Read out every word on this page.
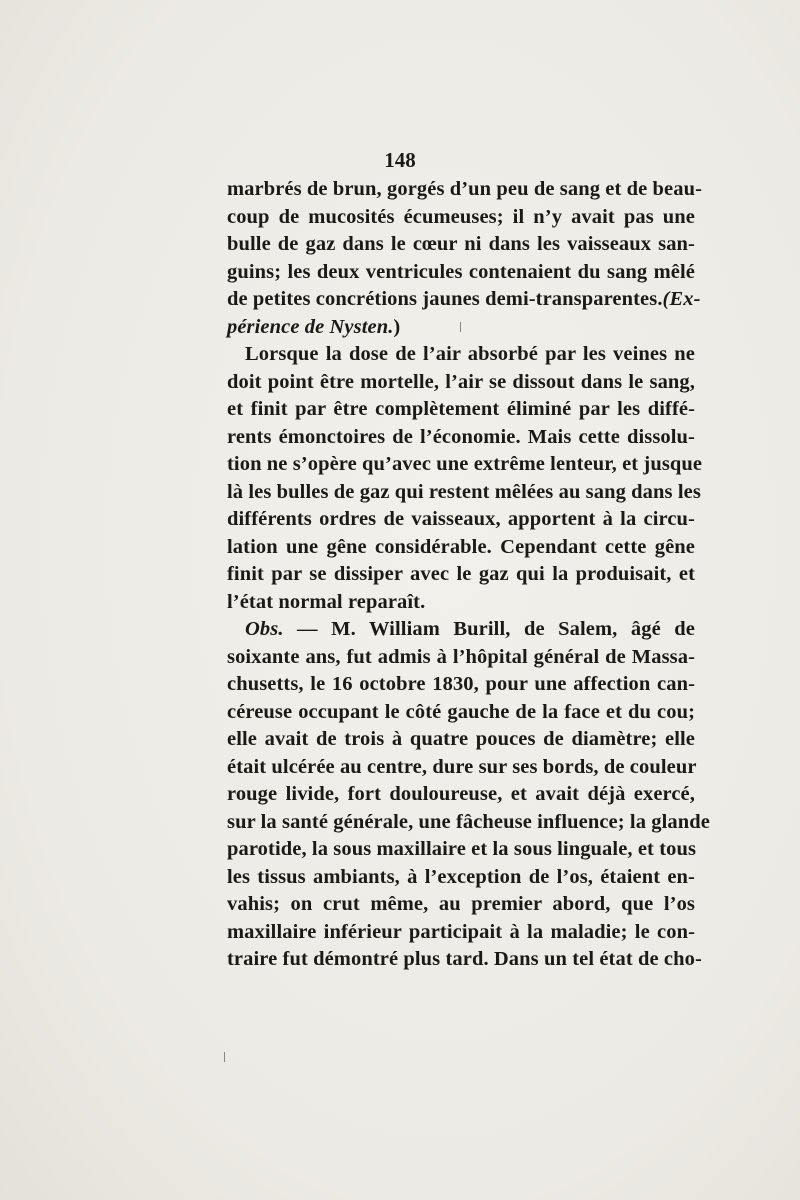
148
marbrés de brun, gorgés d’un peu de sang et de beau-
coup de mucosités écumeuses; il n’y avait pas une
bulle de gaz dans le cœur ni dans les vaisseaux san-
guins; les deux ventricules contenaient du sang mêlé
de petites concrétions jaunes demi-transparentes.(Ex-
périence de Nysten.)
Lorsque la dose de l’air absorbé par les veines ne
doit point être mortelle, l’air se dissout dans le sang,
et finit par être complètement éliminé par les diffé-
rents émonctoires de l’économie. Mais cette dissolu-
tion ne s’opère qu’avec une extrême lenteur, et jusque
là les bulles de gaz qui restent mêlées au sang dans les
différents ordres de vaisseaux, apportent à la circu-
lation une gêne considérable. Cependant cette gêne
finit par se dissiper avec le gaz qui la produisait, et
l’état normal reparaît.
Obs. — M. William Burill, de Salem, âgé de
soixante ans, fut admis à l’hôpital général de Massa-
chusetts, le 16 octobre 1830, pour une affection can-
céreuse occupant le côté gauche de la face et du cou;
elle avait de trois à quatre pouces de diamètre; elle
était ulcérée au centre, dure sur ses bords, de couleur
rouge livide, fort douloureuse, et avait déjà exercé,
sur la santé générale, une fâcheuse influence; la glande
parotide, la sous maxillaire et la sous linguale, et tous
les tissus ambiants, à l’exception de l’os, étaient en-
vahis; on crut même, au premier abord, que l’os
maxillaire inférieur participait à la maladie; le con-
traire fut démontré plus tard. Dans un tel état de cho-
